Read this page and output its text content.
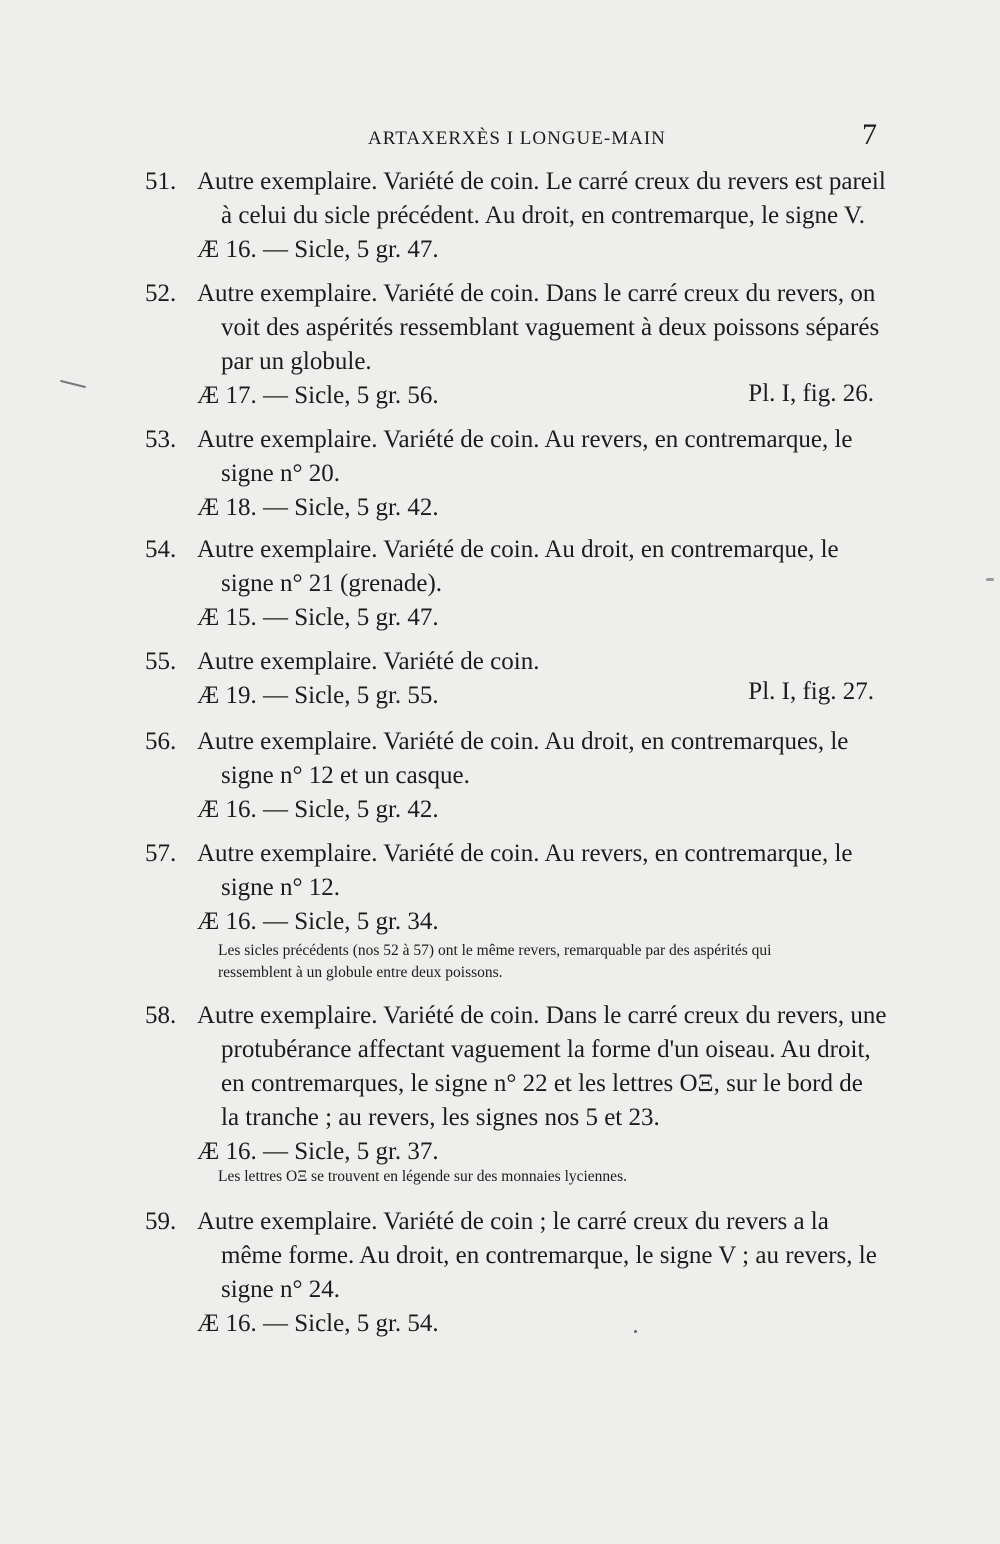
ARTAXERXÈS I LONGUE-MAIN	7
51. Autre exemplaire. Variété de coin. Le carré creux du revers est pareil
à celui du sicle précédent. Au droit, en contremarque, le signe V.
Æ 16. — Sicle, 5 gr. 47.
52. Autre exemplaire. Variété de coin. Dans le carré creux du revers, on
voit des aspérités ressemblant vaguement à deux poissons séparés
par un globule.
Æ 17. — Sicle, 5 gr. 56.	Pl. I, fig. 26.
53. Autre exemplaire. Variété de coin. Au revers, en contremarque, le
signe n° 20.
Æ 18. — Sicle, 5 gr. 42.
54. Autre exemplaire. Variété de coin. Au droit, en contremarque, le
signe n° 21 (grenade).
Æ 15. — Sicle, 5 gr. 47.
55. Autre exemplaire. Variété de coin.
Æ 19. — Sicle, 5 gr. 55.	Pl. I, fig. 27.
56. Autre exemplaire. Variété de coin. Au droit, en contremarques, le
signe n° 12 et un casque.
Æ 16. — Sicle, 5 gr. 42.
57. Autre exemplaire. Variété de coin. Au revers, en contremarque, le
signe n° 12.
Æ 16. — Sicle, 5 gr. 34.
Les sicles précédents (nos 52 à 57) ont le même revers, remarquable par des aspérités qui
ressemblent à un globule entre deux poissons.
58. Autre exemplaire. Variété de coin. Dans le carré creux du revers, une
protubérance affectant vaguement la forme d'un oiseau. Au droit,
en contremarques, le signe n° 22 et les lettres ΟΞ, sur le bord de
la tranche ; au revers, les signes nos 5 et 23.
Æ 16. — Sicle, 5 gr. 37.
Les lettres ΟΞ se trouvent en légende sur des monnaies lyciennes.
59. Autre exemplaire. Variété de coin ; le carré creux du revers a la
même forme. Au droit, en contremarque, le signe V ; au revers, le
signe n° 24.
Æ 16. — Sicle, 5 gr. 54.
